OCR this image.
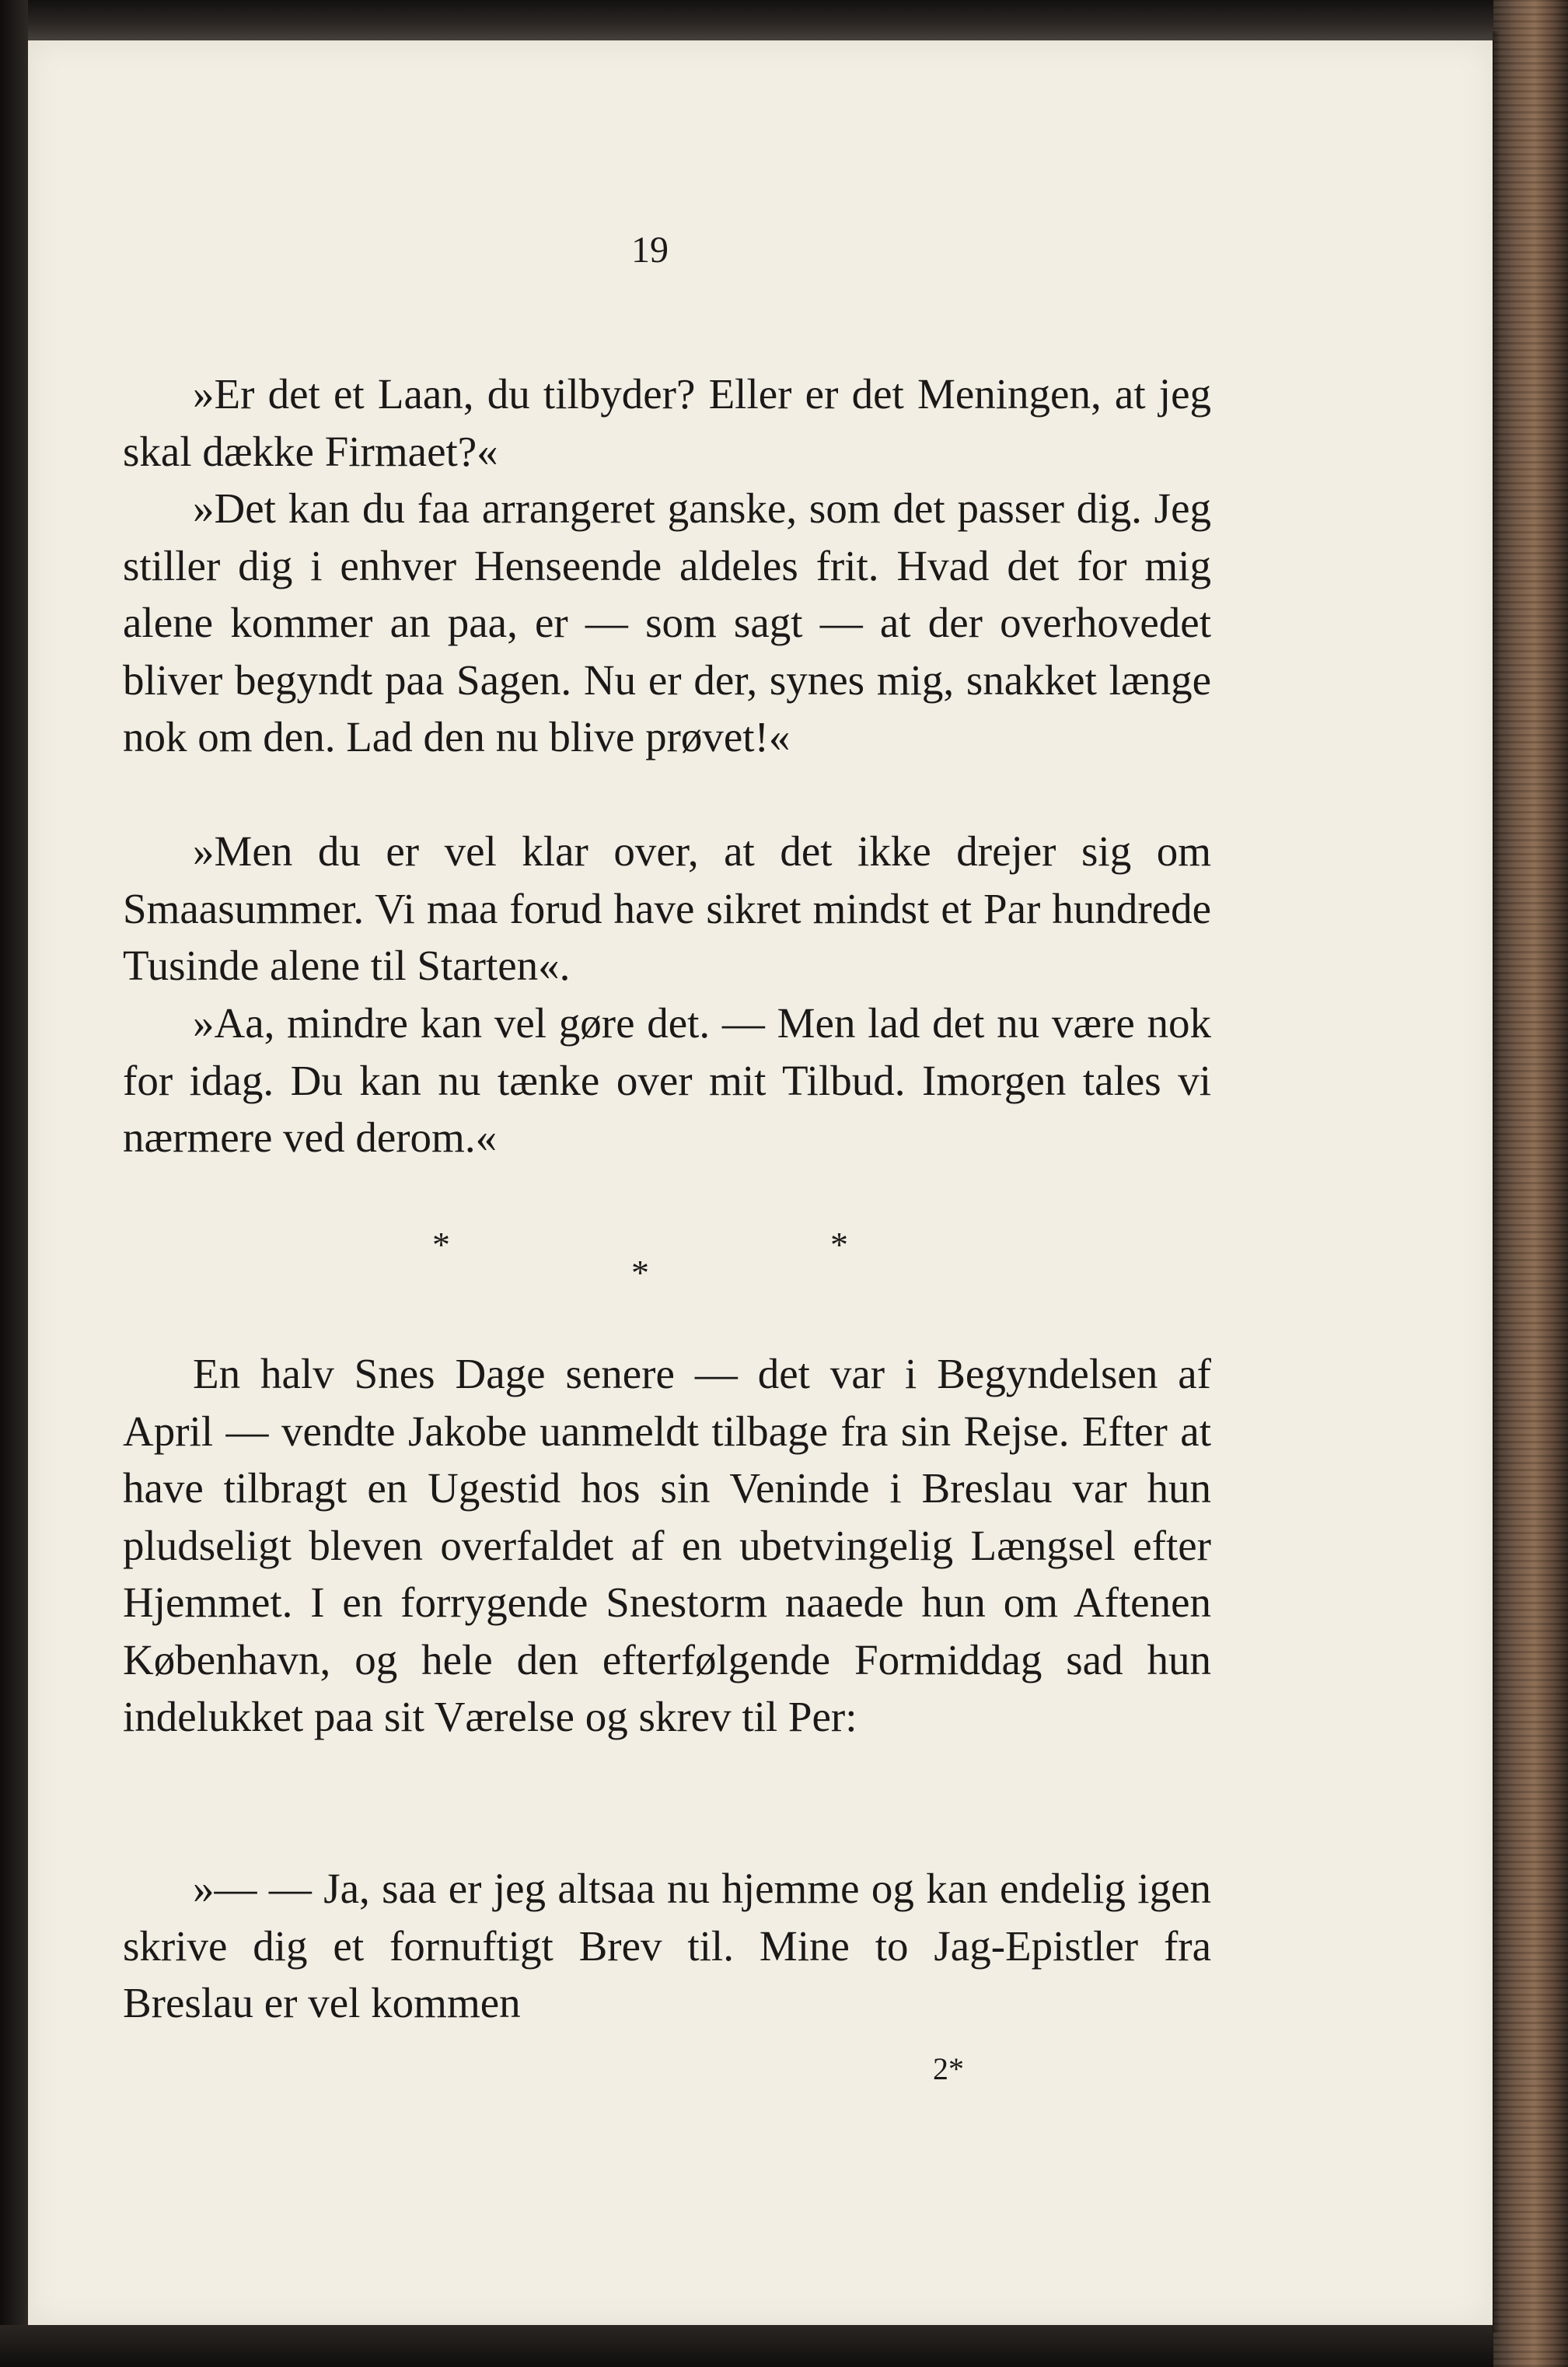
19

»Er det et Laan, du tilbyder? Eller er det Meningen, at jeg skal dække Firmaet?«

»Det kan du faa arrangeret ganske, som det passer dig. Jeg stiller dig i enhver Henseende aldeles frit. Hvad det for mig alene kommer an paa, er — som sagt — at der overhovedet bliver begyndt paa Sagen. Nu er der, synes mig, snakket længe nok om den. Lad den nu blive prøvet!«

»Men du er vel klar over, at det ikke drejer sig om Smaasummer. Vi maa forud have sikret mindst et Par hundrede Tusinde alene til Starten«.

»Aa, mindre kan vel gøre det. — Men lad det nu være nok for idag. Du kan nu tænke over mit Tilbud. Imorgen tales vi nærmere ved derom.«

*	*
*

En halv Snes Dage senere — det var i Begyndelsen af April — vendte Jakobe uanmeldt tilbage fra sin Rejse. Efter at have tilbragt en Ugestid hos sin Veninde i Breslau var hun pludseligt bleven overfaldet af en ubetvingelig Længsel efter Hjemmet. I en forrygende Snestorm naaede hun om Aftenen København, og hele den efterfølgende Formiddag sad hun indelukket paa sit Værelse og skrev til Per:

»— — Ja, saa er jeg altsaa nu hjemme og kan endelig igen skrive dig et fornuftigt Brev til. Mine to Jag-Epistler fra Breslau er vel kommen

2*
